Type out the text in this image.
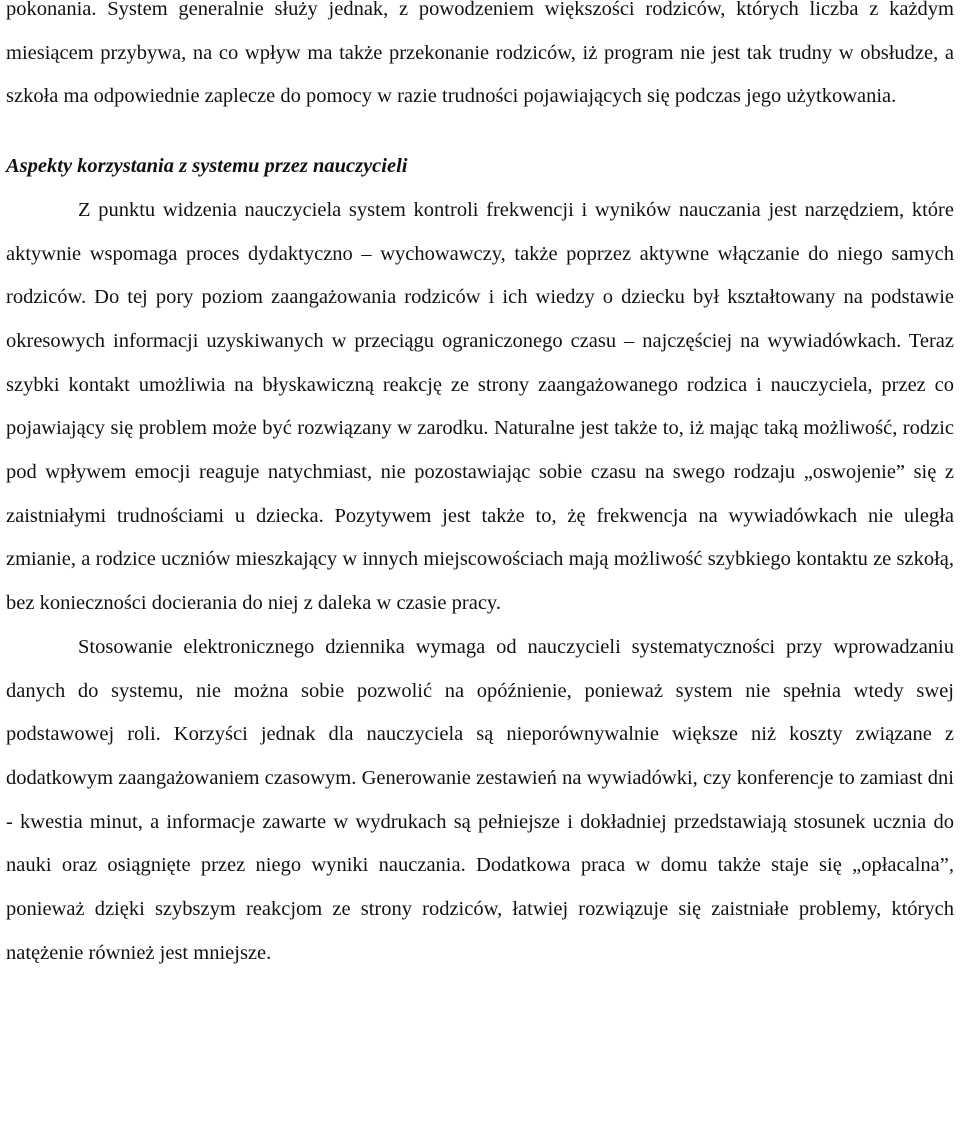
pokonania. System generalnie służy jednak, z powodzeniem większości rodziców, których liczba z każdym miesiącem przybywa, na co wpływ ma także przekonanie rodziców, iż program nie jest tak trudny w obsłudze, a szkoła ma odpowiednie zaplecze do pomocy w razie trudności pojawiających się podczas jego użytkowania.

Aspekty korzystania z systemu przez nauczycieli

Z punktu widzenia nauczyciela system kontroli frekwencji i wyników nauczania jest narzędziem, które aktywnie wspomaga proces dydaktyczno – wychowawczy, także poprzez aktywne włączanie do niego samych rodziców. Do tej pory poziom zaangażowania rodziców i ich wiedzy o dziecku był kształtowany na podstawie okresowych informacji uzyskiwanych w przeciągu ograniczonego czasu – najczęściej na wywiadówkach. Teraz szybki kontakt umożliwia na błyskawiczną reakcję ze strony zaangażowanego rodzica i nauczyciela, przez co pojawiający się problem może być rozwiązany w zarodku. Naturalne jest także to, iż mając taką możliwość, rodzic pod wpływem emocji reaguje natychmiast, nie pozostawiając sobie czasu na swego rodzaju „oswojenie” się z zaistniałymi trudnościami u dziecka. Pozytywem jest także to, żę frekwencja na wywiadówkach nie uległa zmianie, a rodzice uczniów mieszkający w innych miejscowościach mają możliwość szybkiego kontaktu ze szkołą, bez konieczności docierania do niej z daleka w czasie pracy.

Stosowanie elektronicznego dziennika wymaga od nauczycieli systematyczności przy wprowadzaniu danych do systemu, nie można sobie pozwolić na opóźnienie, ponieważ system nie spełnia wtedy swej podstawowej roli. Korzyści jednak dla nauczyciela są nieporównywalnie większe niż koszty związane z dodatkowym zaangażowaniem czasowym. Generowanie zestawień na wywiadówki, czy konferencje to zamiast dni - kwestia minut, a informacje zawarte w wydrukach są pełniejsze i dokładniej przedstawiają stosunek ucznia do nauki oraz osiągnięte przez niego wyniki nauczania. Dodatkowa praca w domu także staje się „opłacalna”, ponieważ dzięki szybszym reakcjom ze strony rodziców, łatwiej rozwiązuje się zaistniałe problemy, których natężenie również jest mniejsze.
